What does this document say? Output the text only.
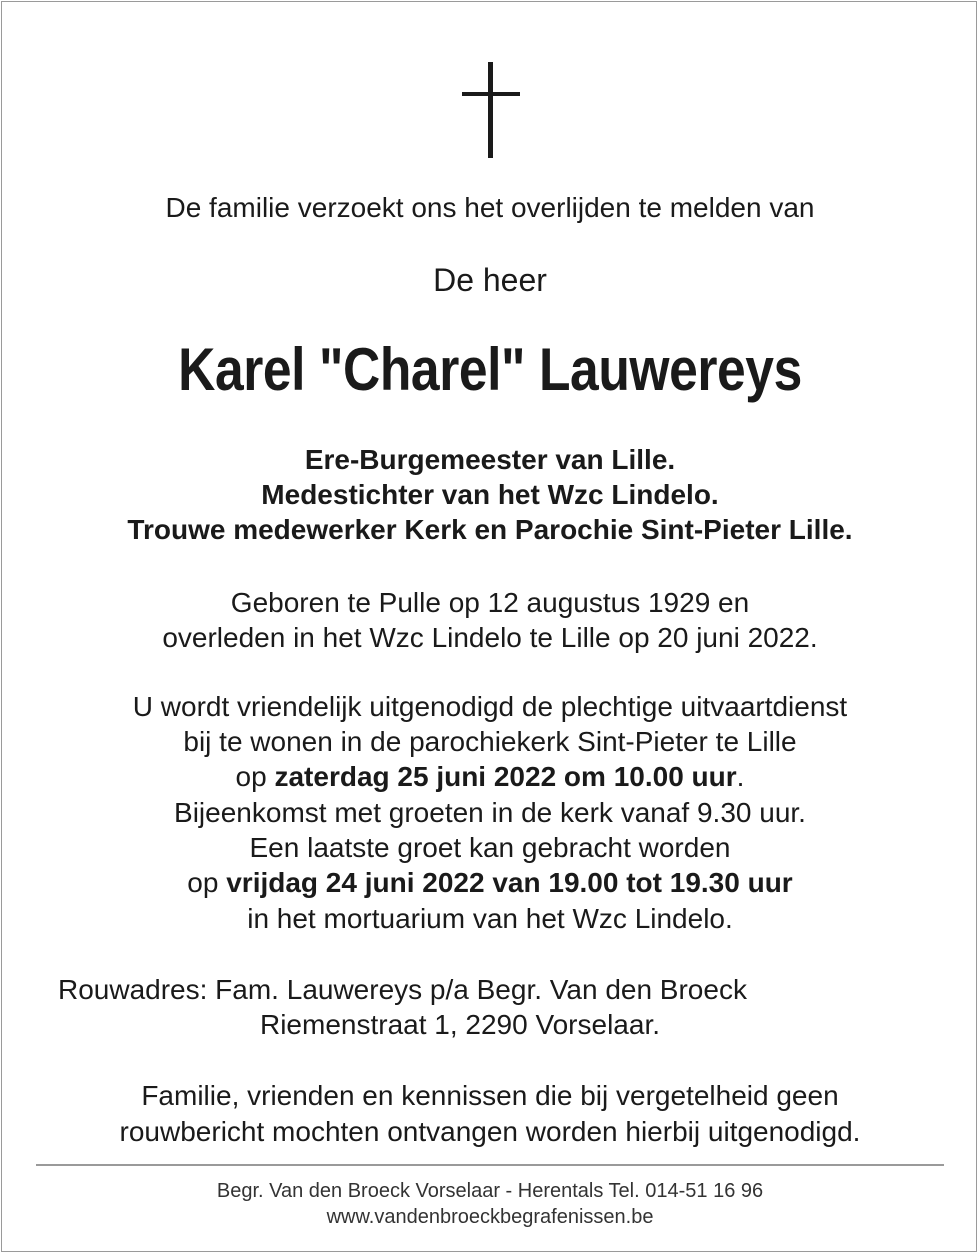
De familie verzoekt ons het overlijden te melden van
De heer
Karel "Charel" Lauwereys
Ere-Burgemeester van Lille.
Medestichter van het Wzc Lindelo.
Trouwe medewerker Kerk en Parochie Sint-Pieter Lille.
Geboren te Pulle op 12 augustus 1929 en
overleden in het Wzc Lindelo te Lille op 20 juni 2022.
U wordt vriendelijk uitgenodigd de plechtige uitvaartdienst
bij te wonen in de parochiekerk Sint-Pieter te Lille
op zaterdag 25 juni 2022 om 10.00 uur.
Bijeenkomst met groeten in de kerk vanaf 9.30 uur.
Een laatste groet kan gebracht worden
op vrijdag 24 juni 2022 van 19.00 tot 19.30 uur
in het mortuarium van het Wzc Lindelo.
Rouwadres: Fam. Lauwereys p/a Begr. Van den Broeck
Riemenstraat 1, 2290 Vorselaar.
Familie, vrienden en kennissen die bij vergetelheid geen
rouwbericht mochten ontvangen worden hierbij uitgenodigd.
Begr. Van den Broeck Vorselaar - Herentals Tel. 014-51 16 96
www.vandenbroeckbegrafenissen.be
